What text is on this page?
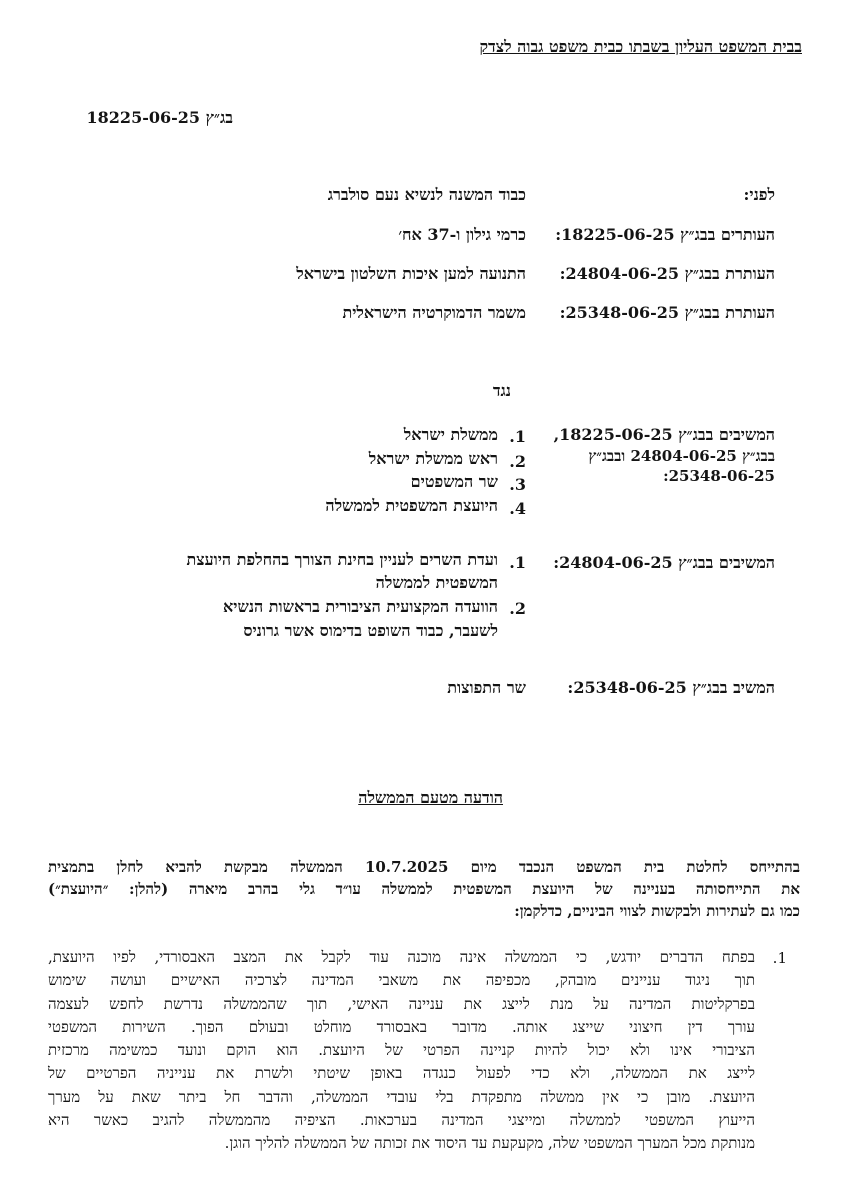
בבית המשפט העליון בשבתו כבית משפט גבוה לצדק
בג״ץ 18225-06-25
לפני:
כבוד המשנה לנשיא נעם סולברג
העותרים בבג״ץ 18225-06-25:
כרמי גילון ו-37 אח׳
העותרת בבג״ץ 24804-06-25:
התנועה למען איכות השלטון בישראל
העותרת בבג״ץ 25348-06-25:
משמר הדמוקרטיה הישראלית
נגד
המשיבים בבג״ץ 18225-06-25,
בבג״ץ 24804-06-25 ובבג״ץ
25348-06-25:
1.
ממשלת ישראל
2.
ראש ממשלת ישראל
3.
שר המשפטים
4.
היועצת המשפטית לממשלה
המשיבים בבג״ץ 24804-06-25:
1.
ועדת השרים לעניין בחינת הצורך בהחלפת היועצת
המשפטית לממשלה
2.
הוועדה המקצועית הציבורית בראשות הנשיא
לשעבר, כבוד השופט בדימוס אשר גרוניס
המשיב בבג״ץ 25348-06-25:
שר התפוצות
הודעה מטעם הממשלה
בהתייחס לחלטת בית המשפט הנכבד מיום 10.7.2025 הממשלה מבקשת להביא לחלן בתמצית
את התייחסותה בעניינה של היועצת המשפטית לממשלה עו״ד גלי בהרב מיארה (להלן: ״היועצת״)
כמו גם לעתירות ולבקשות לצווי הביניים, כדלקמן:
1.
בפתח הדברים יודגש, כי הממשלה אינה מוכנה עוד לקבל את המצב האבסורדי, לפיו היועצת,
תוך ניגוד עניינים מובהק, מכפיפה את משאבי המדינה לצרכיה האישיים ועושה שימוש
בפרקליטות המדינה על מנת לייצג את עניינה האישי, תוך שהממשלה נדרשת לחפש לעצמה
עורך דין חיצוני שייצג אותה. מדובר באבסורד מוחלט ובעולם הפוך. השירות המשפטי
הציבורי אינו ולא יכול להיות קניינה הפרטי של היועצת. הוא הוקם ונועד כמשימה מרכזית
לייצג את הממשלה, ולא כדי לפעול כנגדה באופן שיטתי ולשרת את ענייניה הפרטיים של
היועצת. מובן כי אין ממשלה מתפקדת בלי עובדי הממשלה, והדבר חל ביתר שאת על מערך
הייעוץ המשפטי לממשלה ומייצגי המדינה בערכאות. הציפיה מהממשלה להגיב כאשר היא
מנותקת מכל המערך המשפטי שלה, מקעקעת עד היסוד את זכותה של הממשלה להליך הוגן.
